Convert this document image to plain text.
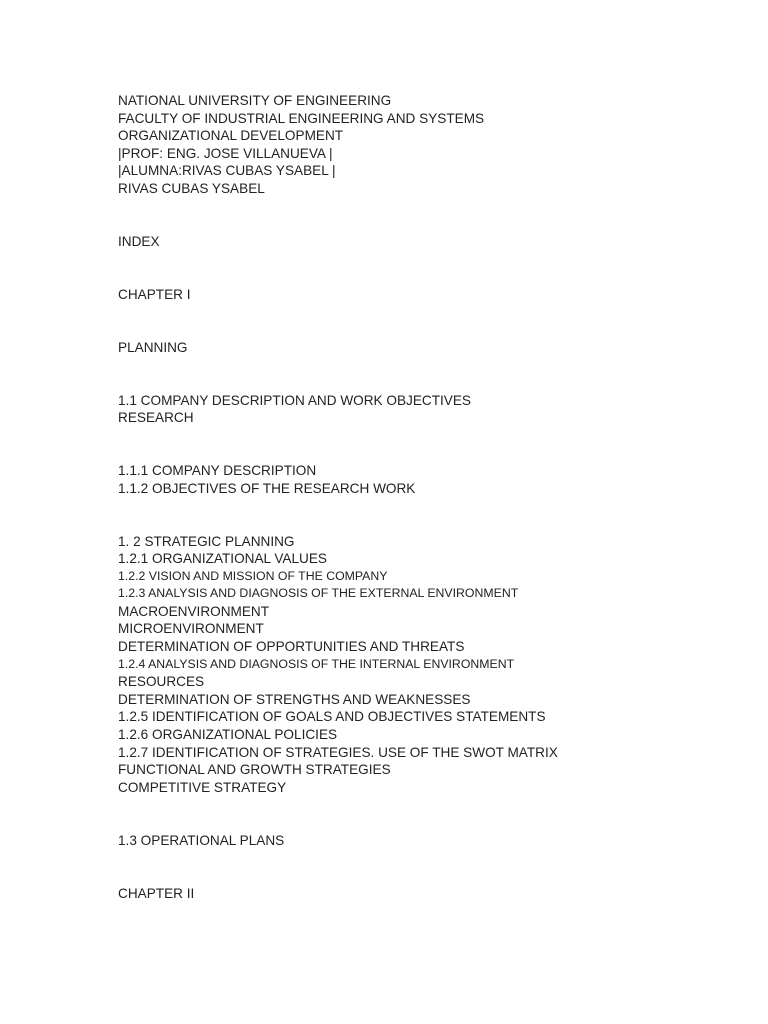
NATIONAL UNIVERSITY OF ENGINEERING
FACULTY OF INDUSTRIAL ENGINEERING AND SYSTEMS
ORGANIZATIONAL DEVELOPMENT
|PROF: ENG. JOSE VILLANUEVA |
|ALUMNA:RIVAS CUBAS YSABEL |
RIVAS CUBAS YSABEL
INDEX
CHAPTER I
PLANNING
1.1 COMPANY DESCRIPTION AND WORK OBJECTIVES
RESEARCH
1.1.1 COMPANY DESCRIPTION
1.1.2 OBJECTIVES OF THE RESEARCH WORK
1. 2 STRATEGIC PLANNING
1.2.1 ORGANIZATIONAL VALUES
1.2.2 VISION AND MISSION OF THE COMPANY
1.2.3 ANALYSIS AND DIAGNOSIS OF THE EXTERNAL ENVIRONMENT
MACROENVIRONMENT
MICROENVIRONMENT
DETERMINATION OF OPPORTUNITIES AND THREATS
1.2.4 ANALYSIS AND DIAGNOSIS OF THE INTERNAL ENVIRONMENT
RESOURCES
DETERMINATION OF STRENGTHS AND WEAKNESSES
1.2.5 IDENTIFICATION OF GOALS AND OBJECTIVES STATEMENTS
1.2.6 ORGANIZATIONAL POLICIES
1.2.7 IDENTIFICATION OF STRATEGIES. USE OF THE SWOT MATRIX
FUNCTIONAL AND GROWTH STRATEGIES
COMPETITIVE STRATEGY
1.3 OPERATIONAL PLANS
CHAPTER II
